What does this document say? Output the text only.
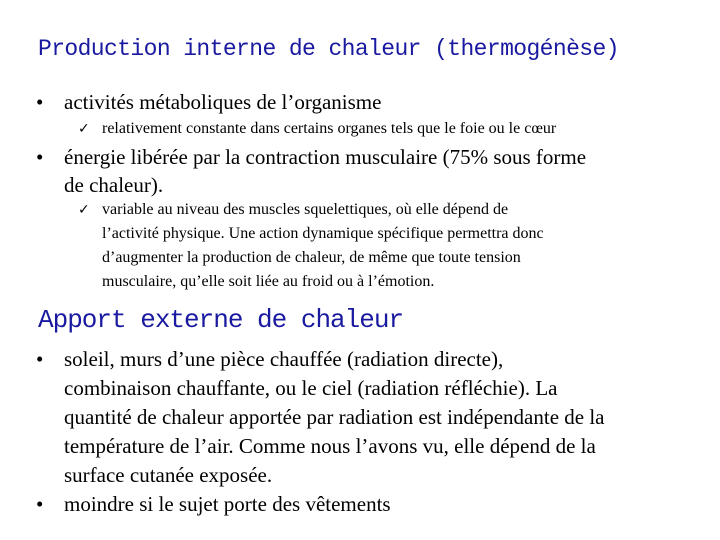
Production interne de chaleur (thermogénèse)
• activités métaboliques de l’organisme
✓ relativement constante dans certains organes tels que le foie ou le cœur
• énergie libérée par la contraction musculaire (75% sous forme
de chaleur).
✓ variable au niveau des muscles squelettiques, où elle dépend de
l’activité physique. Une action dynamique spécifique permettra donc
d’augmenter la production de chaleur, de même que toute tension
musculaire, qu’elle soit liée au froid ou à l’émotion.
Apport externe de chaleur
• soleil, murs d’une pièce chauffée (radiation directe),
combinaison chauffante, ou le ciel (radiation réfléchie). La
quantité de chaleur apportée par radiation est indépendante de la
température de l’air. Comme nous l’avons vu, elle dépend de la
surface cutanée exposée.
• moindre si le sujet porte des vêtements
